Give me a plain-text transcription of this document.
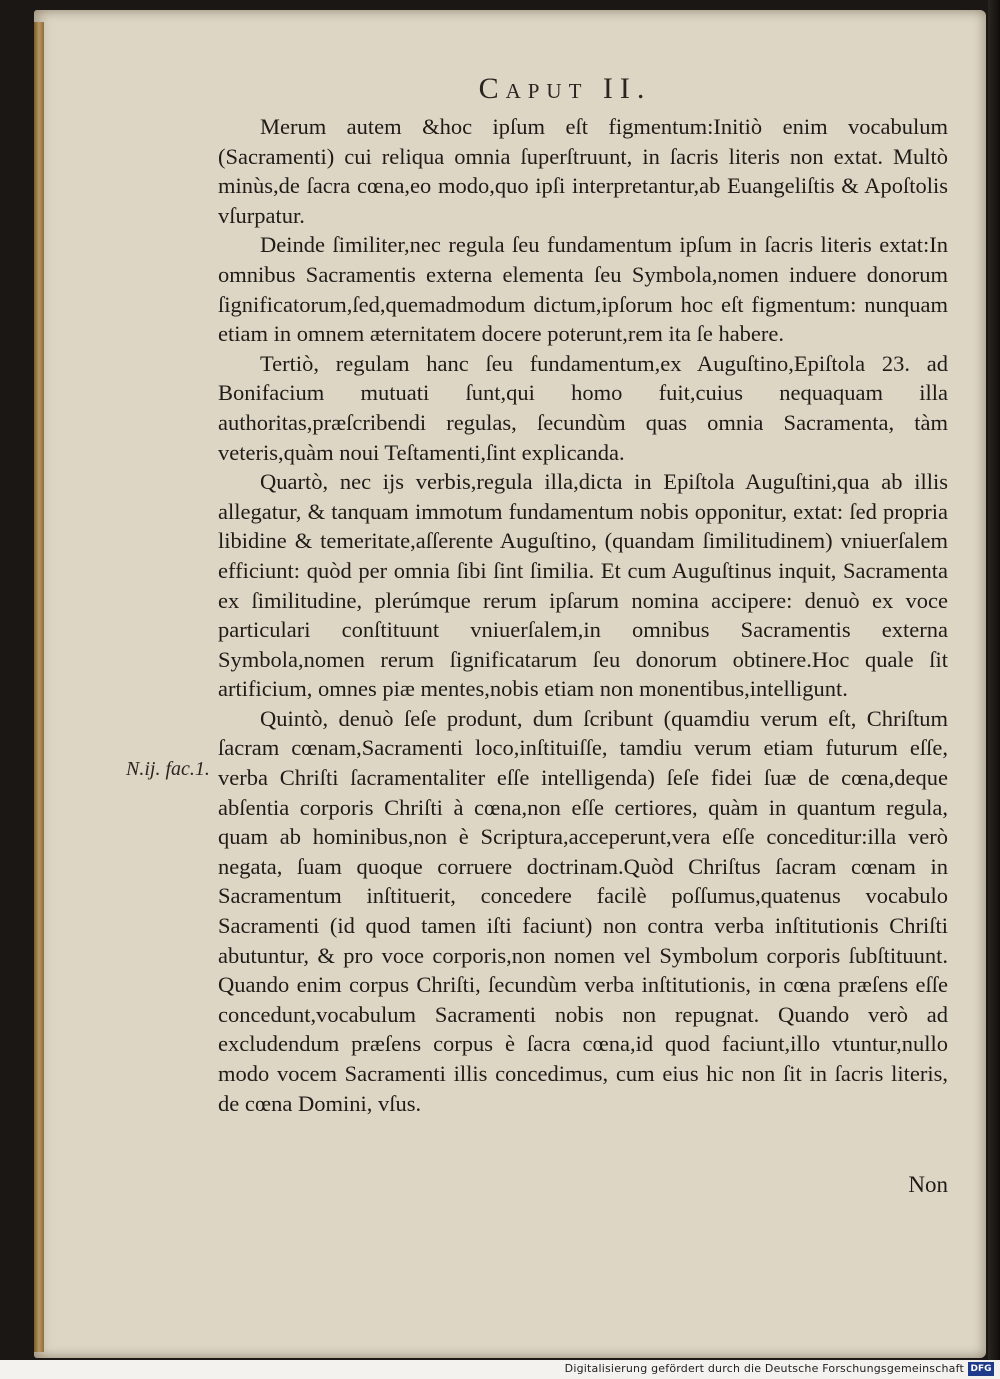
Caput II.
N.ij. fac.1.

Merum autem &hoc ipſum eſt figmentum:Initiò enim vocabulum (Sacramenti) cui reliqua omnia ſuperſtruunt, in ſacris literis non extat. Multò minùs,de ſacra cœna,eo modo,quo ipſi interpretantur,ab Euangeliſtis & Apoſtolis vſurpatur.

Deinde ſimiliter,nec regula ſeu fundamentum ipſum in ſacris literis extat:In omnibus Sacramentis externa elementa ſeu Symbola,nomen induere donorum ſignificatorum,ſed,quemadmodum dictum,ipſorum hoc eſt figmentum: nunquam etiam in omnem æternitatem docere poterunt,rem ita ſe habere.

Tertiò, regulam hanc ſeu fundamentum,ex Auguſtino,Epiſtola 23. ad Bonifacium mutuati ſunt,qui homo fuit,cuius nequaquam illa authoritas,præſcribendi regulas, ſecundùm quas omnia Sacramenta, tàm veteris,quàm noui Teſtamenti,ſint explicanda.

Quartò, nec ijs verbis,regula illa,dicta in Epiſtola Auguſtini,qua ab illis allegatur, & tanquam immotum fundamentum nobis opponitur, extat: ſed propria libidine & temeritate,aſſerente Auguſtino, (quandam ſimilitudinem) vniuerſalem efficiunt: quòd per omnia ſibi ſint ſimilia. Et cum Auguſtinus inquit, Sacramenta ex ſimilitudine, plerúmque rerum ipſarum nomina accipere: denuò ex voce particulari conſtituunt vniuerſalem,in omnibus Sacramentis externa Symbola,nomen rerum ſignificatarum ſeu donorum obtinere.Hoc quale ſit artificium, omnes piæ mentes,nobis etiam non monentibus,intelligunt.

Quintò, denuò ſeſe produnt, dum ſcribunt (quamdiu verum eſt, Chriſtum ſacram cœnam,Sacramenti loco,inſtituiſſe, tamdiu verum etiam futurum eſſe, verba Chriſti ſacramentaliter eſſe intelligenda) ſeſe fidei ſuæ de cœna,deque abſentia corporis Chriſti à cœna,non eſſe certiores, quàm in quantum regula, quam ab hominibus,non è Scriptura,acceperunt,vera eſſe conceditur:illa verò negata, ſuam quoque corruere doctrinam.Quòd Chriſtus ſacram cœnam in Sacramentum inſtituerit, concedere facilè poſſumus,quatenus vocabulo Sacramenti (id quod tamen iſti faciunt) non contra verba inſtitutionis Chriſti abutuntur, & pro voce corporis,non nomen vel Symbolum corporis ſubſtituunt. Quando enim corpus Chriſti, ſecundùm verba inſtitutionis, in cœna præſens eſſe concedunt,vocabulum Sacramenti nobis non repugnat. Quando verò ad excludendum præſens corpus è ſacra cœna,id quod faciunt,illo vtuntur,nullo modo vocem Sacramenti illis concedimus, cum eius hic non ſit in ſacris literis, de cœna Domini, vſus.

Non
Digitalisierung gefördert durch die Deutsche Forschungsgemeinschaft DFG
